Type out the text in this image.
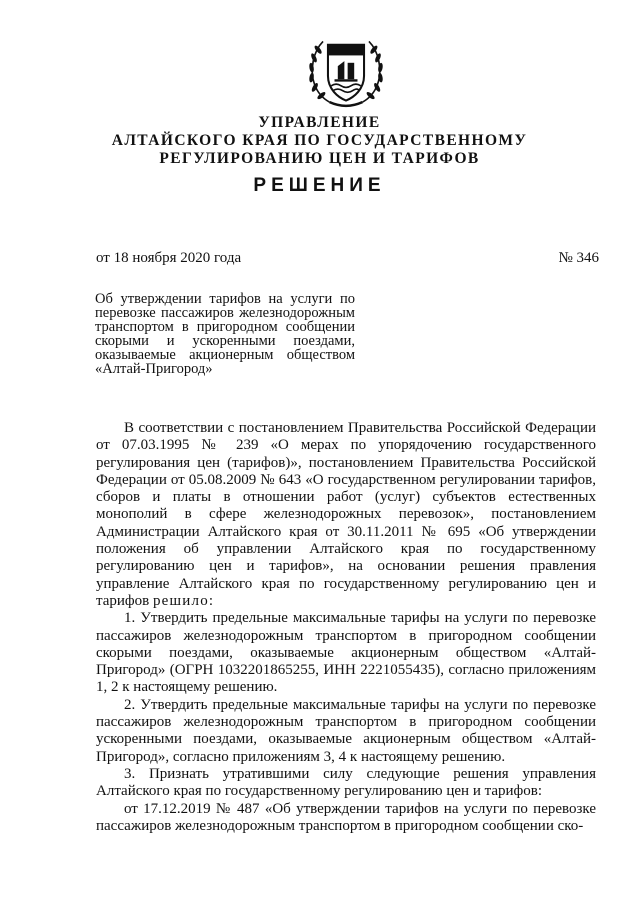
УПРАВЛЕНИЕ
АЛТАЙСКОГО КРАЯ ПО ГОСУДАРСТВЕННОМУ
РЕГУЛИРОВАНИЮ ЦЕН И ТАРИФОВ
РЕШЕНИЕ
от 18 ноября 2020 года	№ 346
Об утверждении тарифов на услуги по перевозке пассажиров железнодорожным транспортом в пригородном сообщении скорыми и ускоренными поездами, оказываемые акционерным обществом «Алтай-Пригород»

В соответствии с постановлением Правительства Российской Федерации от 07.03.1995 № 239 «О мерах по упорядочению государственного регулирования цен (тарифов)», постановлением Правительства Российской Федерации от 05.08.2009 № 643 «О государственном регулировании тарифов, сборов и платы в отношении работ (услуг) субъектов естественных монополий в сфере железнодорожных перевозок», постановлением Администрации Алтайского края от 30.11.2011 № 695 «Об утверждении положения об управлении Алтайского края по государственному регулированию цен и тарифов», на основании решения правления управление Алтайского края по государственному регулированию цен и тарифов решило:

1. Утвердить предельные максимальные тарифы на услуги по перевозке пассажиров железнодорожным транспортом в пригородном сообщении скорыми поездами, оказываемые акционерным обществом «Алтай-Пригород» (ОГРН 1032201865255, ИНН 2221055435), согласно приложениям 1, 2 к настоящему решению.

2. Утвердить предельные максимальные тарифы на услуги по перевозке пассажиров железнодорожным транспортом в пригородном сообщении ускоренными поездами, оказываемые акционерным обществом «Алтай-Пригород», согласно приложениям 3, 4 к настоящему решению.

3. Признать утратившими силу следующие решения управления Алтайского края по государственному регулированию цен и тарифов:

от 17.12.2019 № 487 «Об утверждении тарифов на услуги по перевозке пассажиров железнодорожным транспортом в пригородном сообщении ско-
